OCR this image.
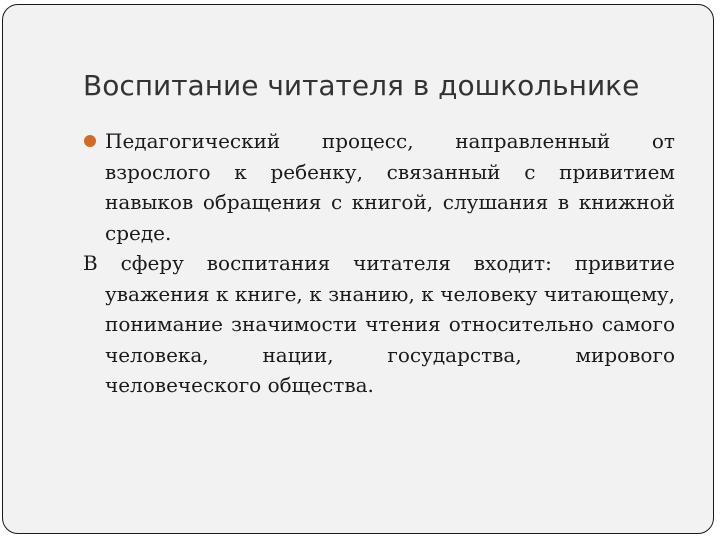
Воспитание читателя в дошкольнике

Педагогический процесс, направленный от взрослого к ребенку, связанный с привитием навыков обращения с книгой, слушания в книжной среде.

В сферу воспитания читателя входит: привитие уважения к книге, к знанию, к человеку читающему, понимание значимости чтения относительно самого человека, нации, государства, мирового человеческого общества.
